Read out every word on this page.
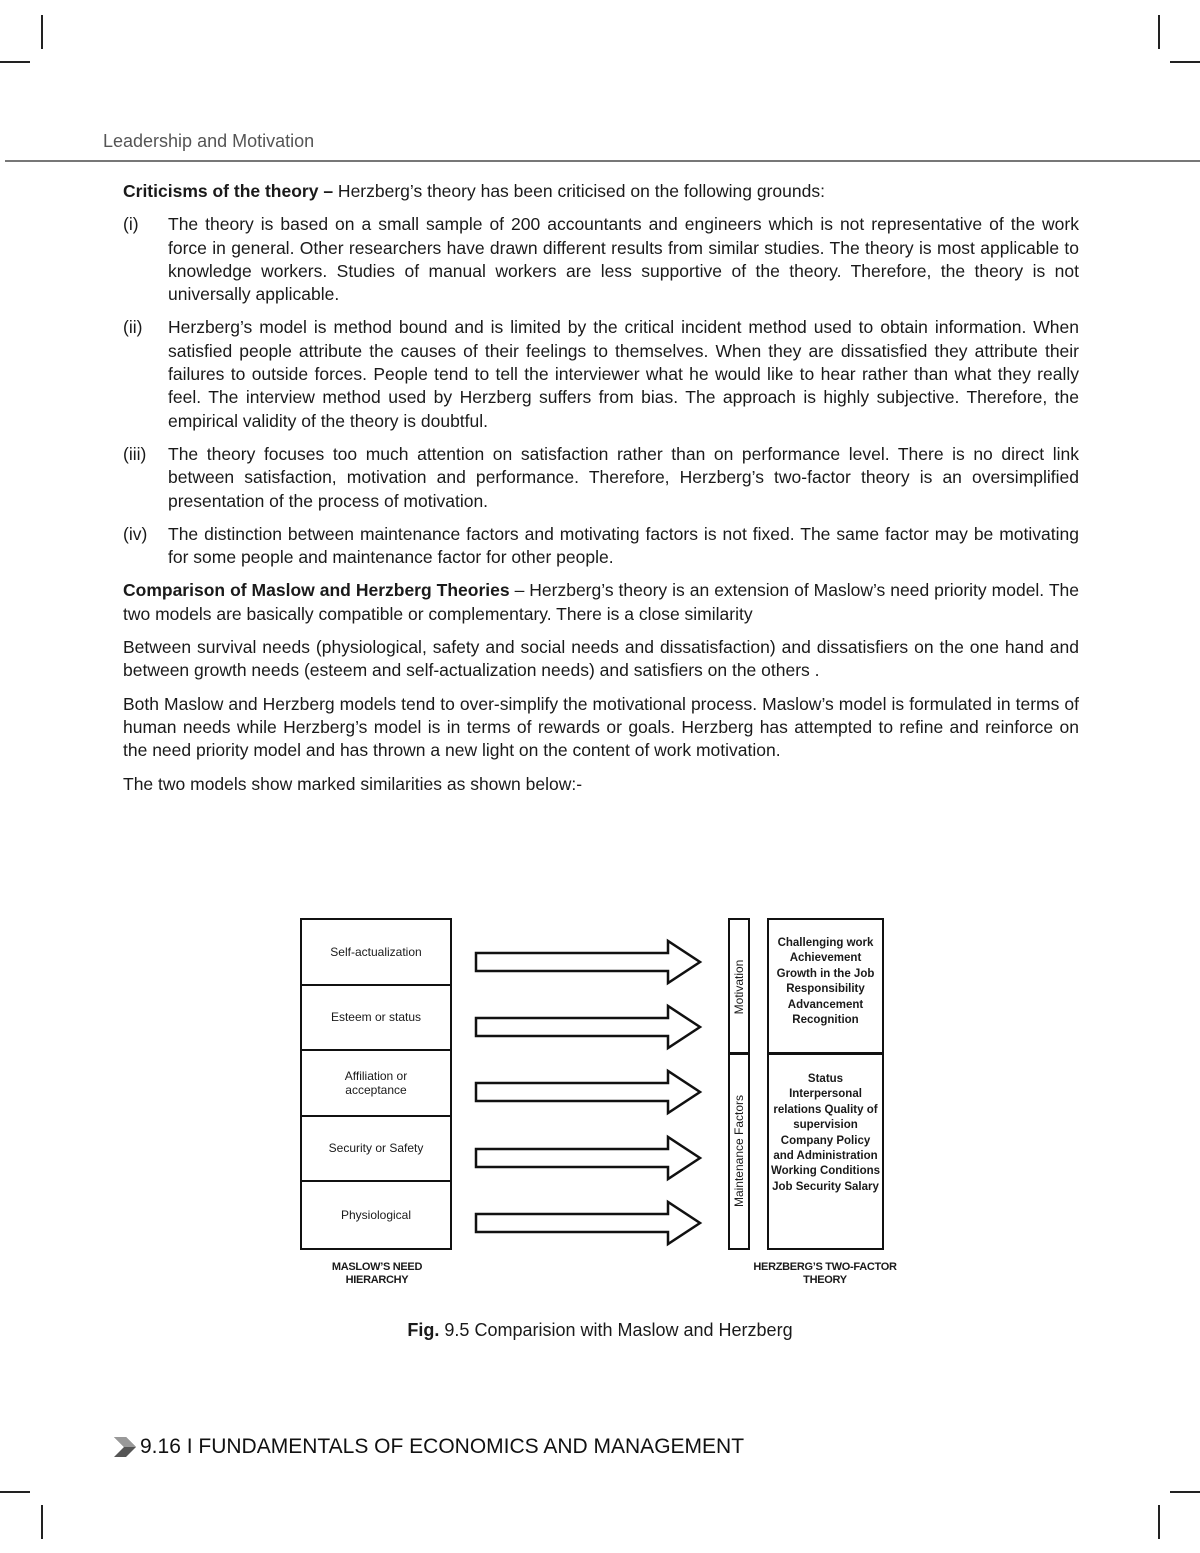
Leadership and Motivation

Criticisms of the theory – Herzberg’s theory has been criticised on the following grounds:

(i)	The theory is based on a small sample of 200 accountants and engineers which is not representative of the work force in general. Other researchers have drawn different results from similar studies. The theory is most applicable to knowledge workers. Studies of manual workers are less supportive of the theory. Therefore, the theory is not universally applicable.
(ii)	Herzberg’s model is method bound and is limited by the critical incident method used to obtain information. When satisfied people attribute the causes of their feelings to themselves. When they are dissatisfied they attribute their failures to outside forces. People tend to tell the interviewer what he would like to hear rather than what they really feel. The interview method used by Herzberg suffers from bias. The approach is highly subjective. Therefore, the empirical validity of the theory is doubtful.
(iii)	The theory focuses too much attention on satisfaction rather than on performance level. There is no direct link between satisfaction, motivation and performance. Therefore, Herzberg’s two-factor theory is an oversimplified presentation of the process of motivation.
(iv)	The distinction between maintenance factors and motivating factors is not fixed. The same factor may be motivating for some people and maintenance factor for other people.

Comparison of Maslow and Herzberg Theories – Herzberg’s theory is an extension of Maslow’s need priority model. The two models are basically compatible or complementary. There is a close similarity

Between survival needs (physiological, safety and social needs and dissatisfaction) and dissatisfiers on the one hand and between growth needs (esteem and self-actualization needs) and satisfiers on the others .

Both Maslow and Herzberg models tend to over-simplify the motivational process. Maslow’s model is formulated in terms of human needs while Herzberg’s model is in terms of rewards or goals. Herzberg has attempted to refine and reinforce on the need priority model and has thrown a new light on the content of work motivation.

The two models show marked similarities as shown below:-

Self-actualization
Esteem or status
Affiliation or acceptance
Security or Safety
Physiological
MASLOW’S NEED HIERARCHY
Motivation
Maintenance Factors
Challenging work Achievement Growth in the Job Responsibility Advancement Recognition
Status Interpersonal relations Quality of supervision Company Policy and Administration Working Conditions Job Security Salary
HERZBERG’S TWO-FACTOR THEORY
Fig. 9.5 Comparision with Maslow and Herzberg
9.16 I FUNDAMENTALS OF ECONOMICS AND MANAGEMENT
